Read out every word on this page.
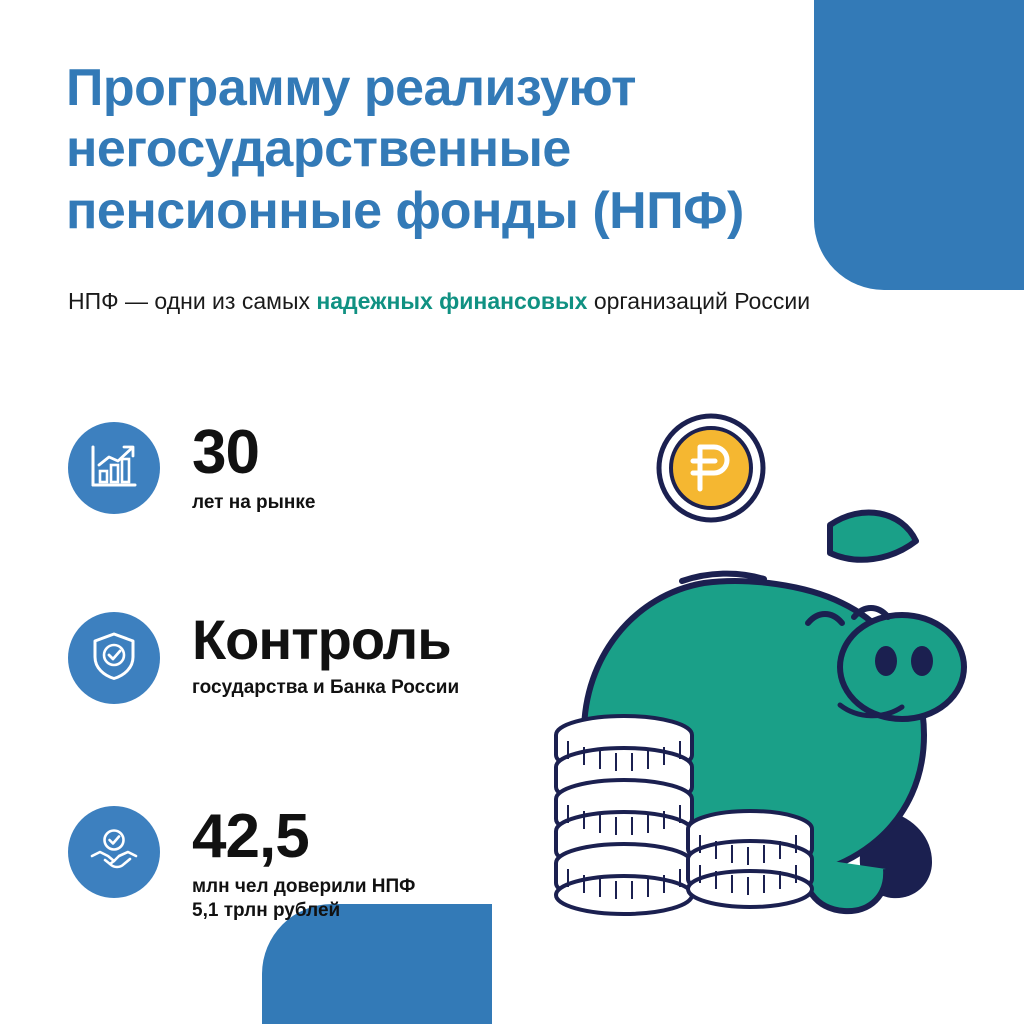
Программу реализуют негосударственные пенсионные фонды (НПФ)
НПФ — одни из самых надежных финансовых организаций России
30
лет на рынке
Контроль
государства и Банка России
42,5
млн чел доверили НПФ
5,1 трлн рублей
